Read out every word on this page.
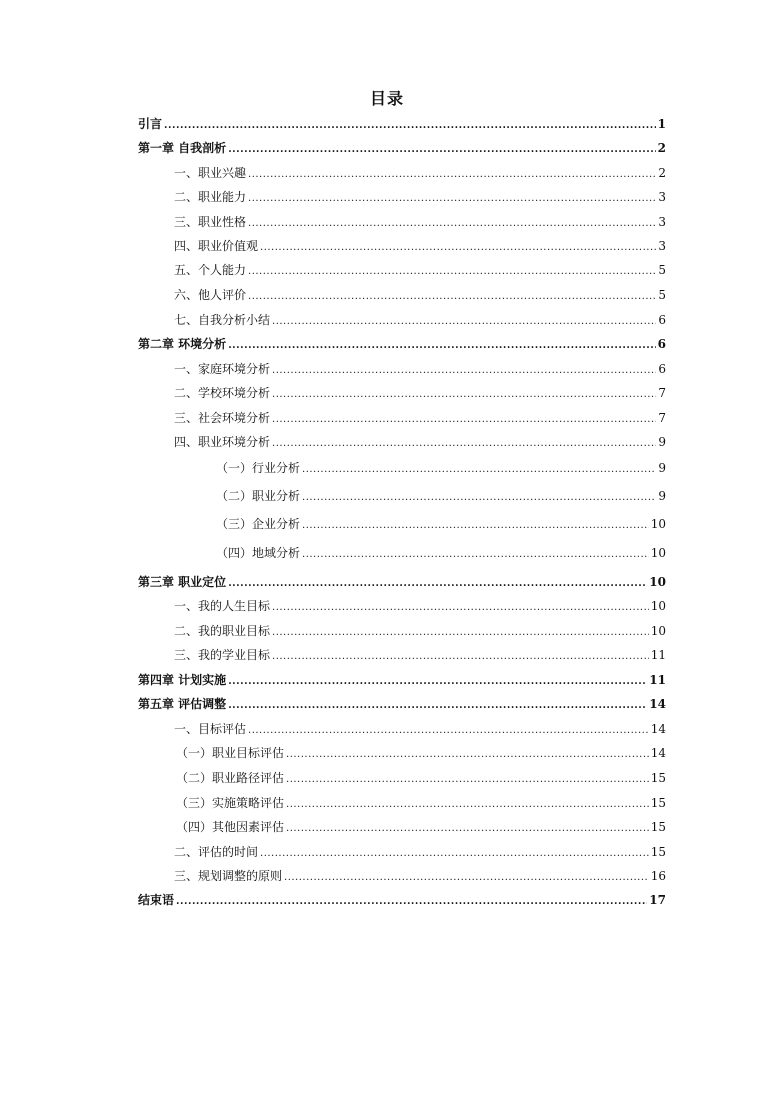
目录
引言 .....	1
第一章 自我剖析 .....	2
一、职业兴趣 .....	2
二、职业能力 .....	3
三、职业性格 .....	3
四、职业价值观 .....	3
五、个人能力 .....	5
六、他人评价 .....	5
七、自我分析小结 .....	6
第二章 环境分析 .....	6
一、家庭环境分析 .....	6
二、学校环境分析 .....	7
三、社会环境分析 .....	7
四、职业环境分析 .....	9
（一）行业分析 .....	9
（二）职业分析 .....	9
（三）企业分析 .....	10
（四）地域分析 .....	10
第三章 职业定位 .....	10
一、我的人生目标 .....	10
二、我的职业目标 .....	10
三、我的学业目标 .....	11
第四章 计划实施 .....	11
第五章 评估调整 .....	14
一、目标评估 .....	14
（一）职业目标评估 .....	14
（二）职业路径评估 .....	15
（三）实施策略评估 .....	15
（四）其他因素评估 .....	15
二、评估的时间 .....	15
三、规划调整的原则 .....	16
结束语 .....	17
